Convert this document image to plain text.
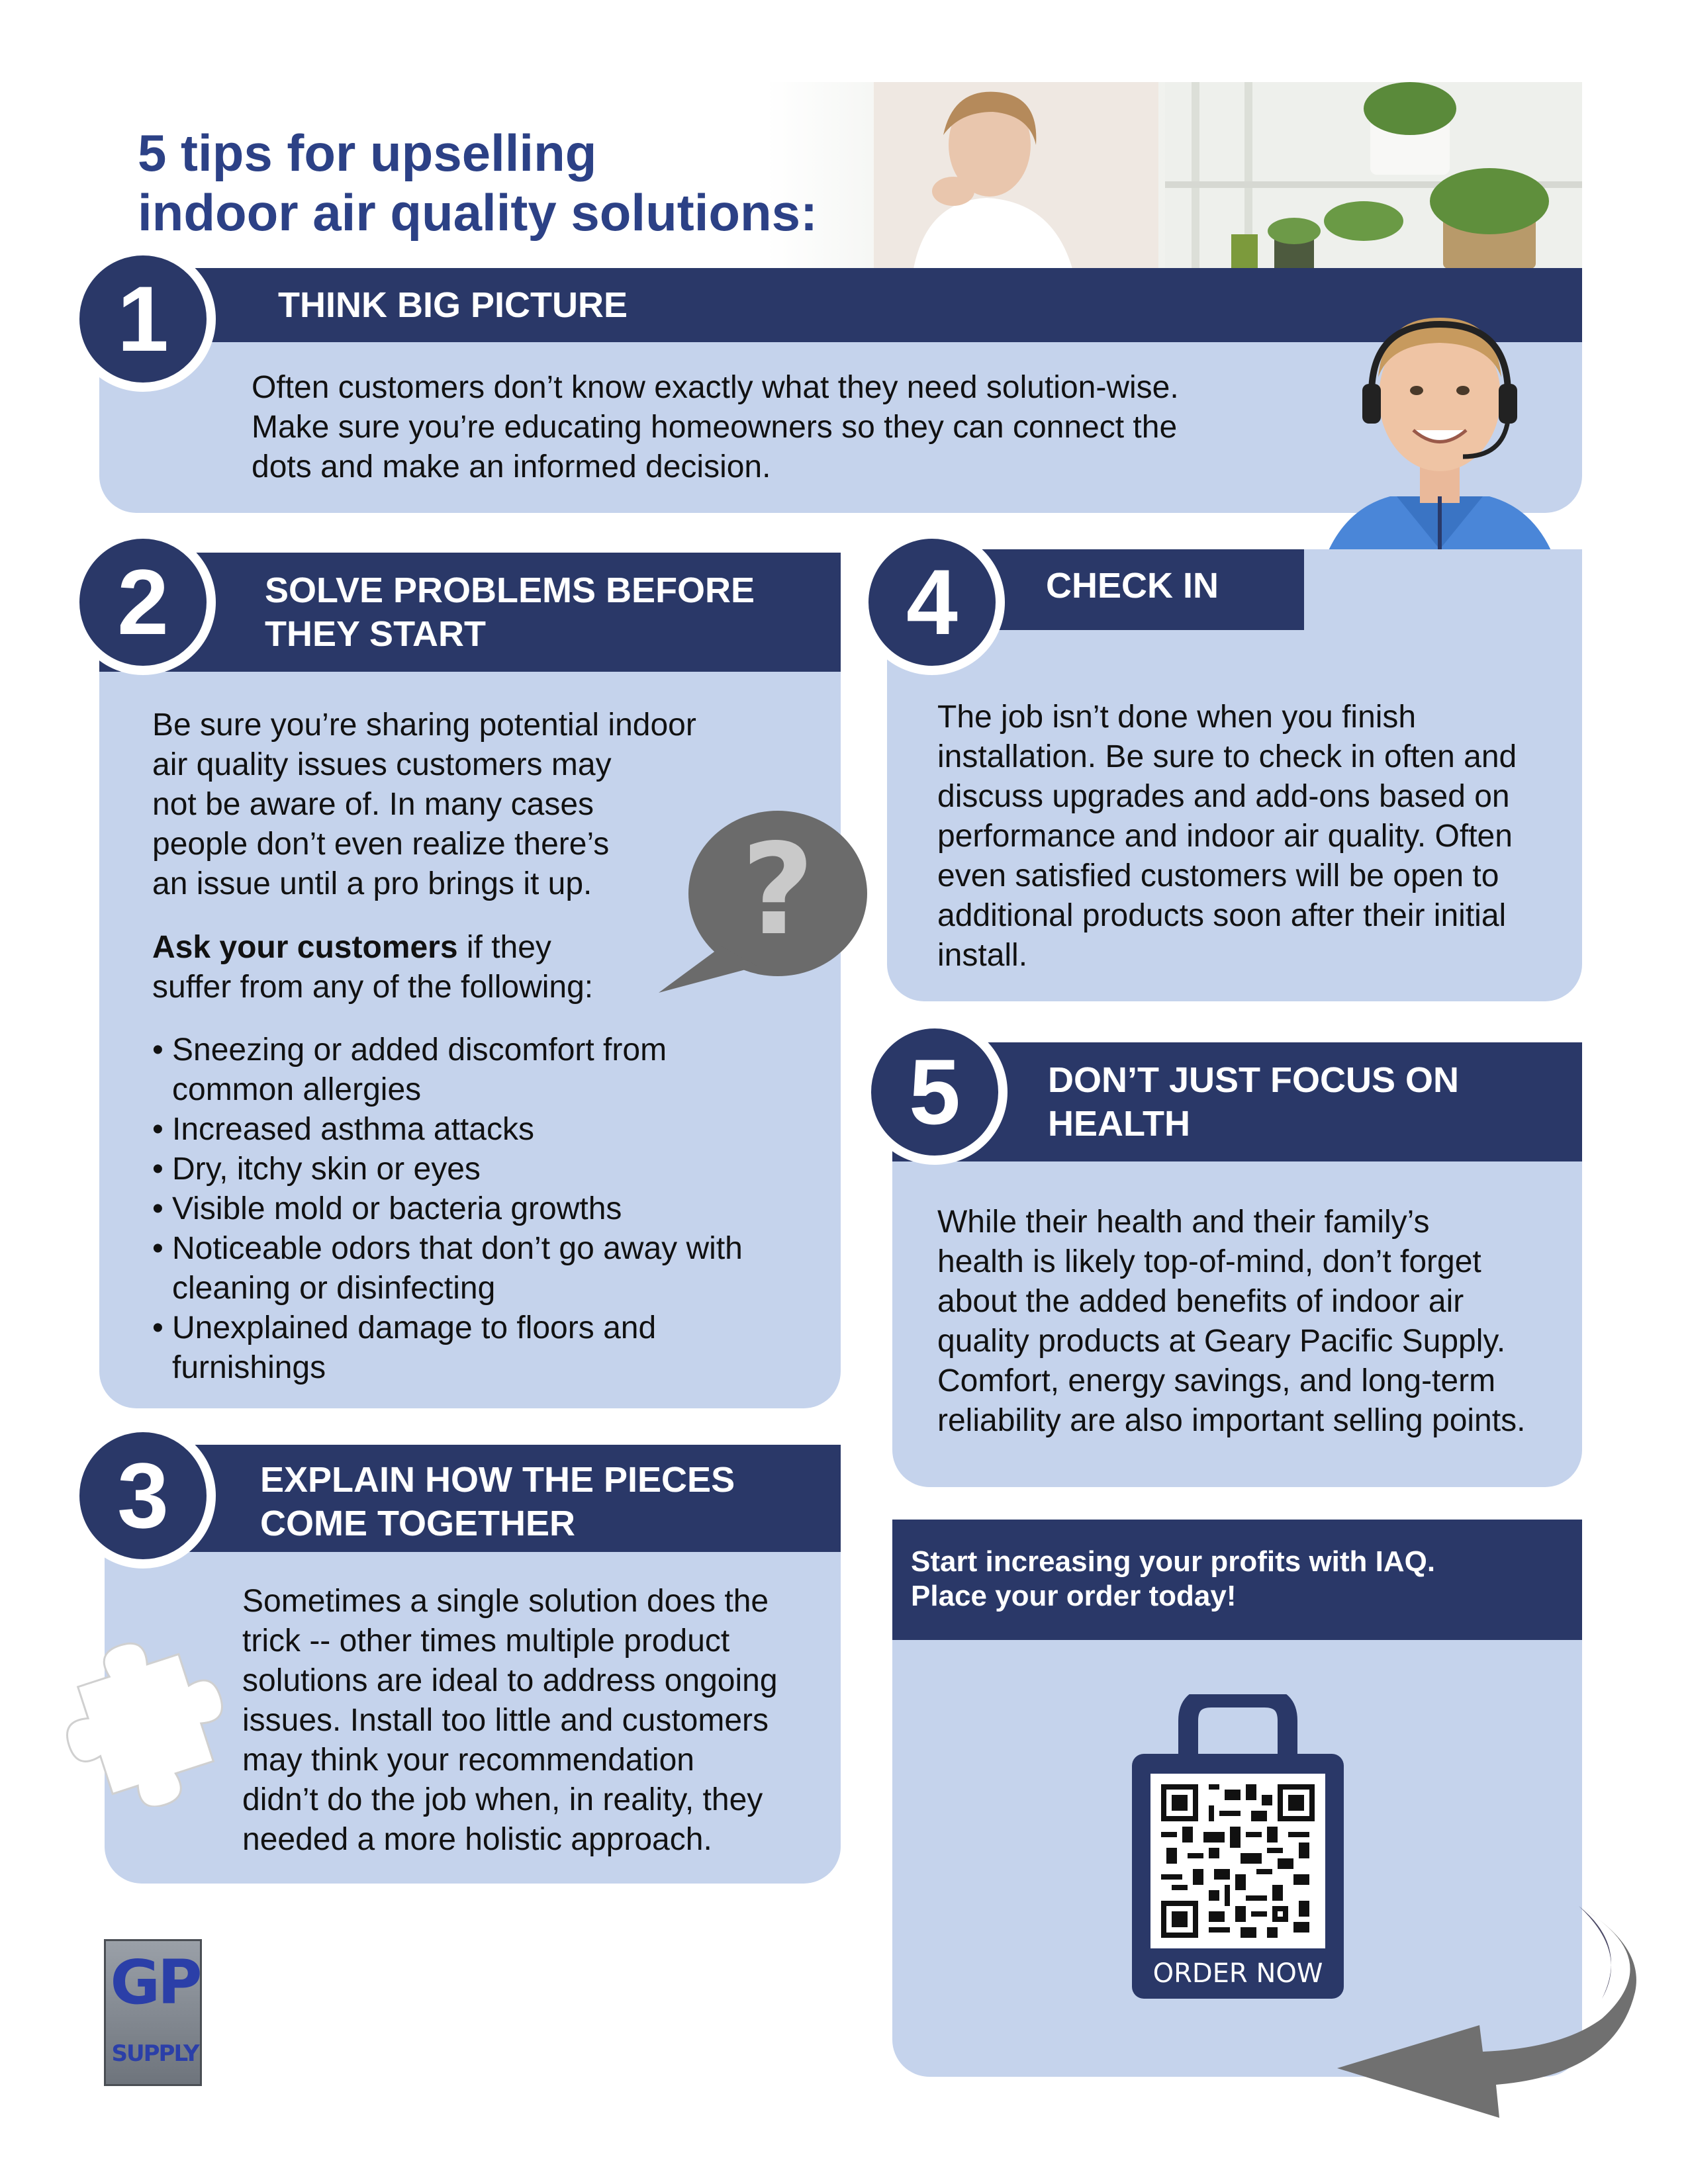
5 tips for upselling
indoor air quality solutions:
THINK BIG PICTURE
1

Often customers don’t know exactly what they need solution-wise.
Make sure you’re educating homeowners so they can connect the
dots and make an informed decision.

SOLVE PROBLEMS BEFORE
THEY START
2

Be sure you’re sharing potential indoor
air quality issues customers may
not be aware of. In many cases
people don’t even realize there’s
an issue until a pro brings it up.

Ask your customers if they
suffer from any of the following:

• Sneezing or added discomfort from common allergies
• Increased asthma attacks
• Dry, itchy skin or eyes
• Visible mold or bacteria growths
• Noticeable odors that don’t go away with cleaning or disinfecting
• Unexplained damage to floors and furnishings
?
EXPLAIN HOW THE PIECES
COME TOGETHER
3

Sometimes a single solution does the
trick -- other times multiple product
solutions are ideal to address ongoing
issues. Install too little and customers
may think your recommendation
didn’t do the job when, in reality, they
needed a more holistic approach.

CHECK IN
4

The job isn’t done when you finish
installation. Be sure to check in often and
discuss upgrades and add-ons based on
performance and indoor air quality. Often
even satisfied customers will be open to
additional products soon after their initial
install.

DON’T JUST FOCUS ON
HEALTH
5

While their health and their family’s
health is likely top-of-mind, don’t forget
about the added benefits of indoor air
quality products at Geary Pacific Supply.
Comfort, energy savings, and long-term
reliability are also important selling points.

Start increasing your profits with IAQ.
Place your order today!

ORDER NOW
GP
SUPPLY
